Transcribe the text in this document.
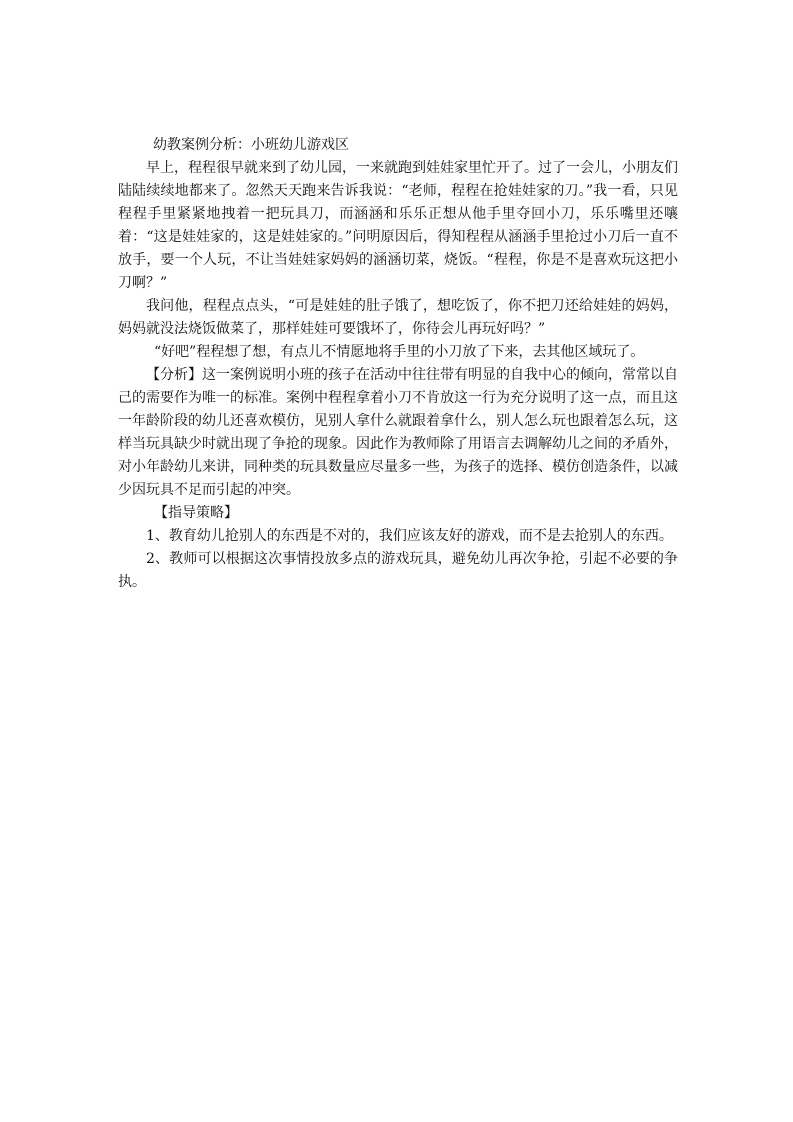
幼教案例分析：小班幼儿游戏区

早上，程程很早就来到了幼儿园，一来就跑到娃娃家里忙开了。过了一会儿，小朋友们陆陆续续地都来了。忽然天天跑来告诉我说：“老师，程程在抢娃娃家的刀。”我一看，只见程程手里紧紧地拽着一把玩具刀，而涵涵和乐乐正想从他手里夺回小刀，乐乐嘴里还嚷着：“这是娃娃家的，这是娃娃家的。”问明原因后，得知程程从涵涵手里抢过小刀后一直不放手，要一个人玩，不让当娃娃家妈妈的涵涵切菜，烧饭。“程程，你是不是喜欢玩这把小刀啊？”

我问他，程程点点头，“可是娃娃的肚子饿了，想吃饭了，你不把刀还给娃娃的妈妈，妈妈就没法烧饭做菜了，那样娃娃可要饿坏了，你待会儿再玩好吗？”

“好吧”程程想了想，有点儿不情愿地将手里的小刀放了下来，去其他区域玩了。

【分析】这一案例说明小班的孩子在活动中往往带有明显的自我中心的倾向，常常以自己的需要作为唯一的标准。案例中程程拿着小刀不肯放这一行为充分说明了这一点，而且这一年龄阶段的幼儿还喜欢模仿，见别人拿什么就跟着拿什么，别人怎么玩也跟着怎么玩，这样当玩具缺少时就出现了争抢的现象。因此作为教师除了用语言去调解幼儿之间的矛盾外，对小年龄幼儿来讲，同种类的玩具数量应尽量多一些，为孩子的选择、模仿创造条件，以减少因玩具不足而引起的冲突。

【指导策略】

1、教育幼儿抢别人的东西是不对的，我们应该友好的游戏，而不是去抢别人的东西。

2、教师可以根据这次事情投放多点的游戏玩具，避免幼儿再次争抢，引起不必要的争执。
